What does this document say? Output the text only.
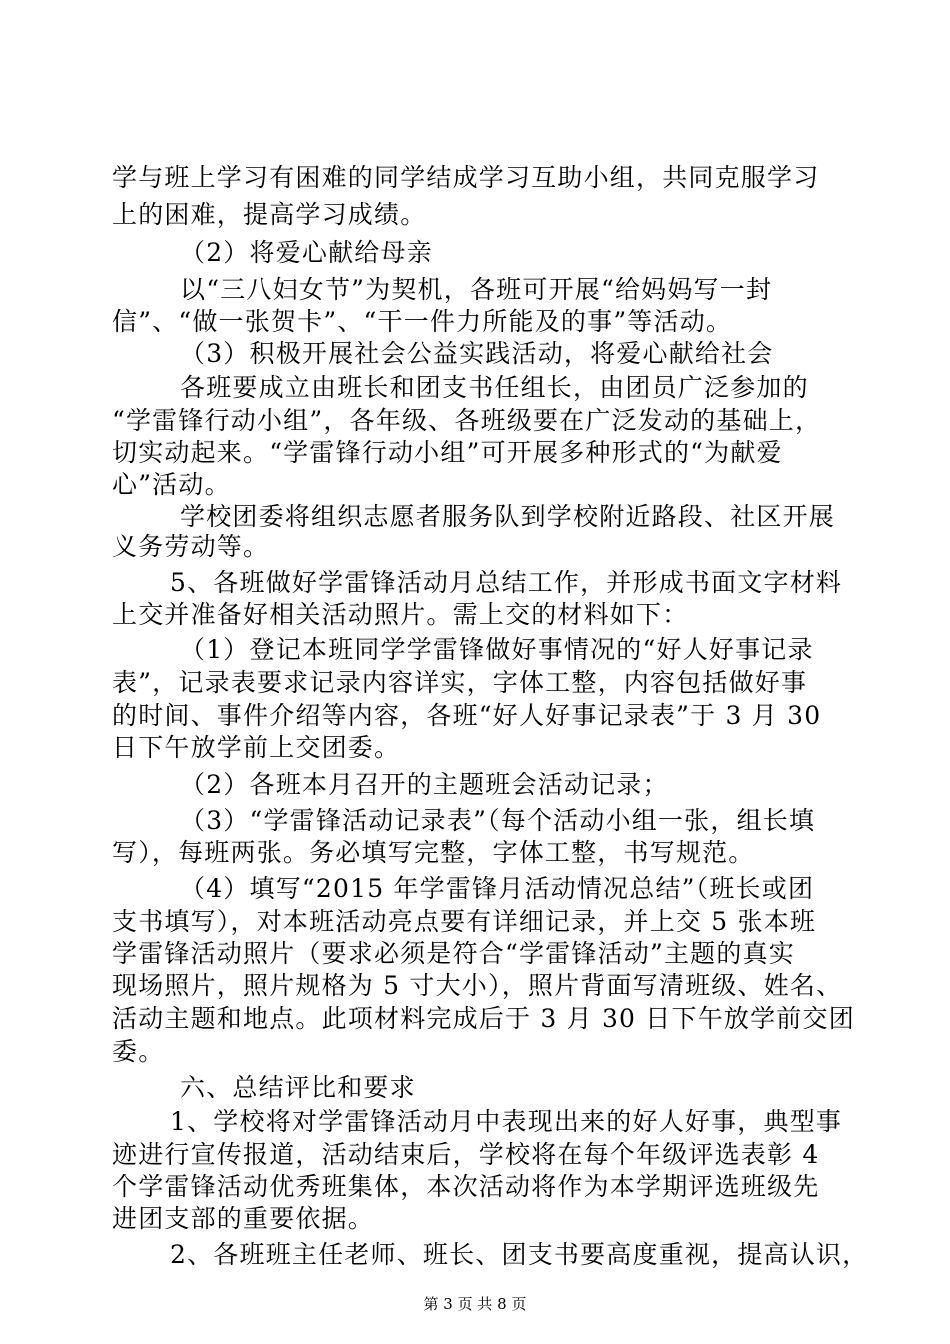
学与班上学习有困难的同学结成学习互助小组，共同克服学习
上的困难，提高学习成绩。
（2）将爱心献给母亲
以“三八妇女节”为契机，各班可开展“给妈妈写一封
信”、“做一张贺卡”、“干一件力所能及的事”等活动。
（3）积极开展社会公益实践活动，将爱心献给社会
各班要成立由班长和团支书任组长，由团员广泛参加的
“学雷锋行动小组”，各年级、各班级要在广泛发动的基础上，
切实动起来。“学雷锋行动小组”可开展多种形式的“为献爱
心”活动。
学校团委将组织志愿者服务队到学校附近路段、社区开展
义务劳动等。
5、各班做好学雷锋活动月总结工作，并形成书面文字材料
上交并准备好相关活动照片。需上交的材料如下：
（1）登记本班同学学雷锋做好事情况的“好人好事记录
表”，记录表要求记录内容详实，字体工整，内容包括做好事
的时间、事件介绍等内容，各班“好人好事记录表”于 3 月 30
日下午放学前上交团委。
（2）各班本月召开的主题班会活动记录；
（3）“学雷锋活动记录表”（每个活动小组一张，组长填
写），每班两张。务必填写完整，字体工整，书写规范。
（4）填写“2015 年学雷锋月活动情况总结”（班长或团
支书填写），对本班活动亮点要有详细记录，并上交 5 张本班
学雷锋活动照片（要求必须是符合“学雷锋活动”主题的真实
现场照片，照片规格为 5 寸大小），照片背面写清班级、姓名、
活动主题和地点。此项材料完成后于 3 月 30 日下午放学前交团
委。
六、总结评比和要求
1、学校将对学雷锋活动月中表现出来的好人好事，典型事
迹进行宣传报道，活动结束后，学校将在每个年级评选表彰 4
个学雷锋活动优秀班集体，本次活动将作为本学期评选班级先
进团支部的重要依据。
2、各班班主任老师、班长、团支书要高度重视，提高认识，
第 3 页 共 8 页
